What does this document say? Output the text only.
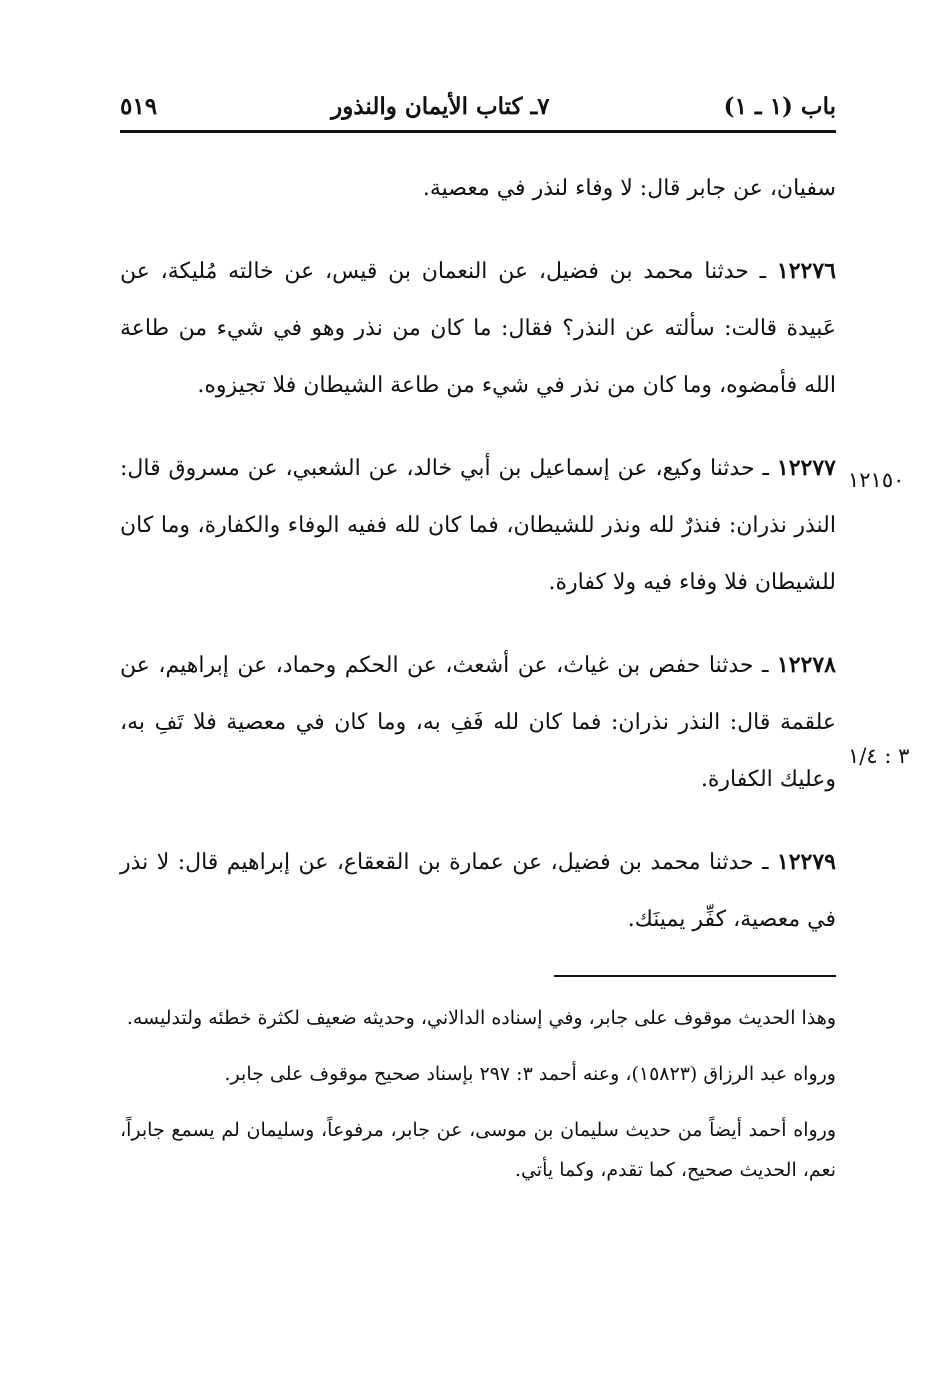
باب (١ ـ ١)
٧ـ كتاب الأيمان والنذور
٥١٩
١٢١٥٠
٣ : ١/٤

سفيان، عن جابر قال: لا وفاء لنذر في معصية.

١٢٢٧٦ ـ حدثنا محمد بن فضيل، عن النعمان بن قيس، عن خالته مُليكة، عن عَبيدة قالت: سألته عن النذر؟ فقال: ما كان من نذر وهو في شيء من طاعة الله فأمضوه، وما كان من نذر في شيء من طاعة الشيطان فلا تجيزوه.

١٢٢٧٧ ـ حدثنا وكيع، عن إسماعيل بن أبي خالد، عن الشعبي، عن مسروق قال: النذر نذران: فنذرٌ لله ونذر للشيطان، فما كان لله ففيه الوفاء والكفارة، وما كان للشيطان فلا وفاء فيه ولا كفارة.

١٢٢٧٨ ـ حدثنا حفص بن غياث، عن أشعث، عن الحكم وحماد، عن إبراهيم، عن علقمة قال: النذر نذران: فما كان لله فَفِ به، وما كان في معصية فلا تَفِ به، وعليك الكفارة.

١٢٢٧٩ ـ حدثنا محمد بن فضيل، عن عمارة بن القعقاع، عن إبراهيم قال: لا نذر في معصية، كفِّر يمينَك.

وهذا الحديث موقوف على جابر، وفي إسناده الدالاني، وحديثه ضعيف لكثرة خطئه ولتدليسه.

ورواه عبد الرزاق (١٥٨٢٣)، وعنه أحمد ٣: ٢٩٧ بإسناد صحيح موقوف على جابر.

ورواه أحمد أيضاً من حديث سليمان بن موسى، عن جابر، مرفوعاً، وسليمان لم يسمع جابراً، نعم، الحديث صحيح، كما تقدم، وكما يأتي.
